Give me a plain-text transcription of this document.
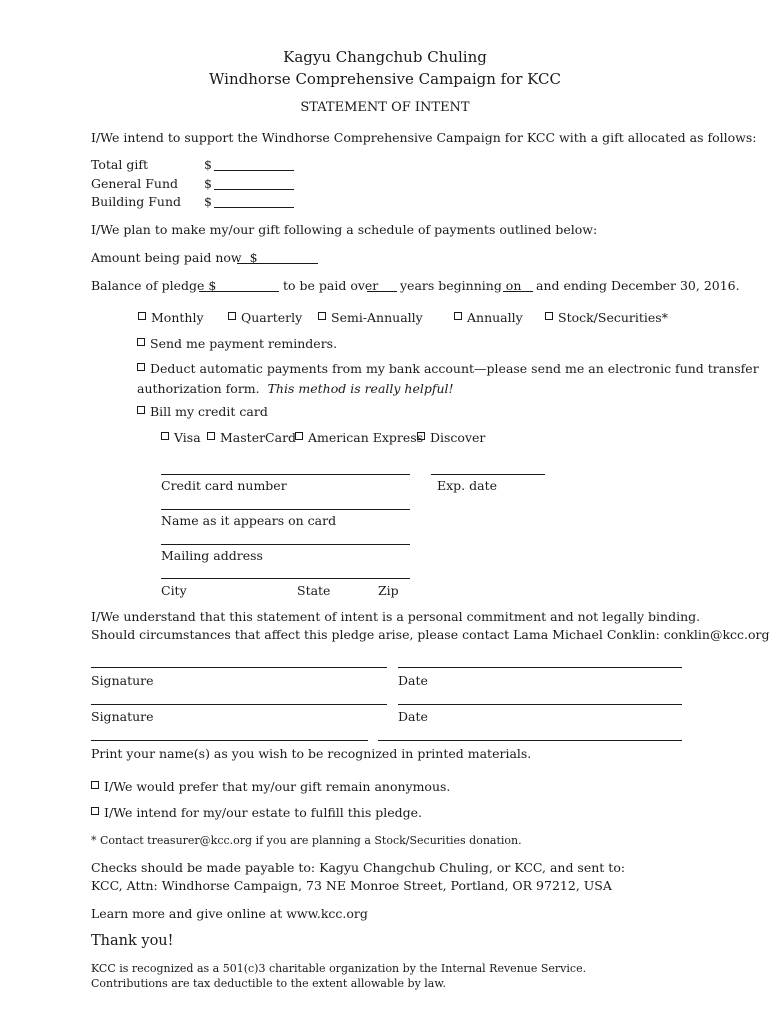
Kagyu Changchub Chuling
Windhorse Comprehensive Campaign for KCC
STATEMENT OF INTENT
I/We intend to support the Windhorse Comprehensive Campaign for KCC with a gift allocated as follows:
Total gift	$
General Fund $
Building Fund $
I/We plan to make my/our gift following a schedule of payments outlined below:
Amount being paid now $
Balance of pledge $	to be paid over years beginning on and ending December 30, 2016.
Monthly	Quarterly	Semi-Annually	Annually	Stock/Securities*
Send me payment reminders.
Deduct automatic payments from my bank account—please send me an electronic fund transfer
authorization form. This method is really helpful!
Bill my credit card
Visa	MasterCard American Express Discover
Credit card number	Exp. date
Name as it appears on card
Mailing address
City	State	Zip
I/We understand that this statement of intent is a personal commitment and not legally binding.
Should circumstances that affect this pledge arise, please contact Lama Michael Conklin: conklin@kcc.org
Signature	Date
Signature	Date
Print your name(s) as you wish to be recognized in printed materials.
I/We would prefer that my/our gift remain anonymous.
I/We intend for my/our estate to fulfill this pledge.
* Contact treasurer@kcc.org if you are planning a Stock/Securities donation.
Checks should be made payable to: Kagyu Changchub Chuling, or KCC, and sent to:
KCC, Attn: Windhorse Campaign, 73 NE Monroe Street, Portland, OR 97212, USA
Learn more and give online at www.kcc.org
Thank you!
KCC is recognized as a 501(c)3 charitable organization by the Internal Revenue Service.
Contributions are tax deductible to the extent allowable by law.
